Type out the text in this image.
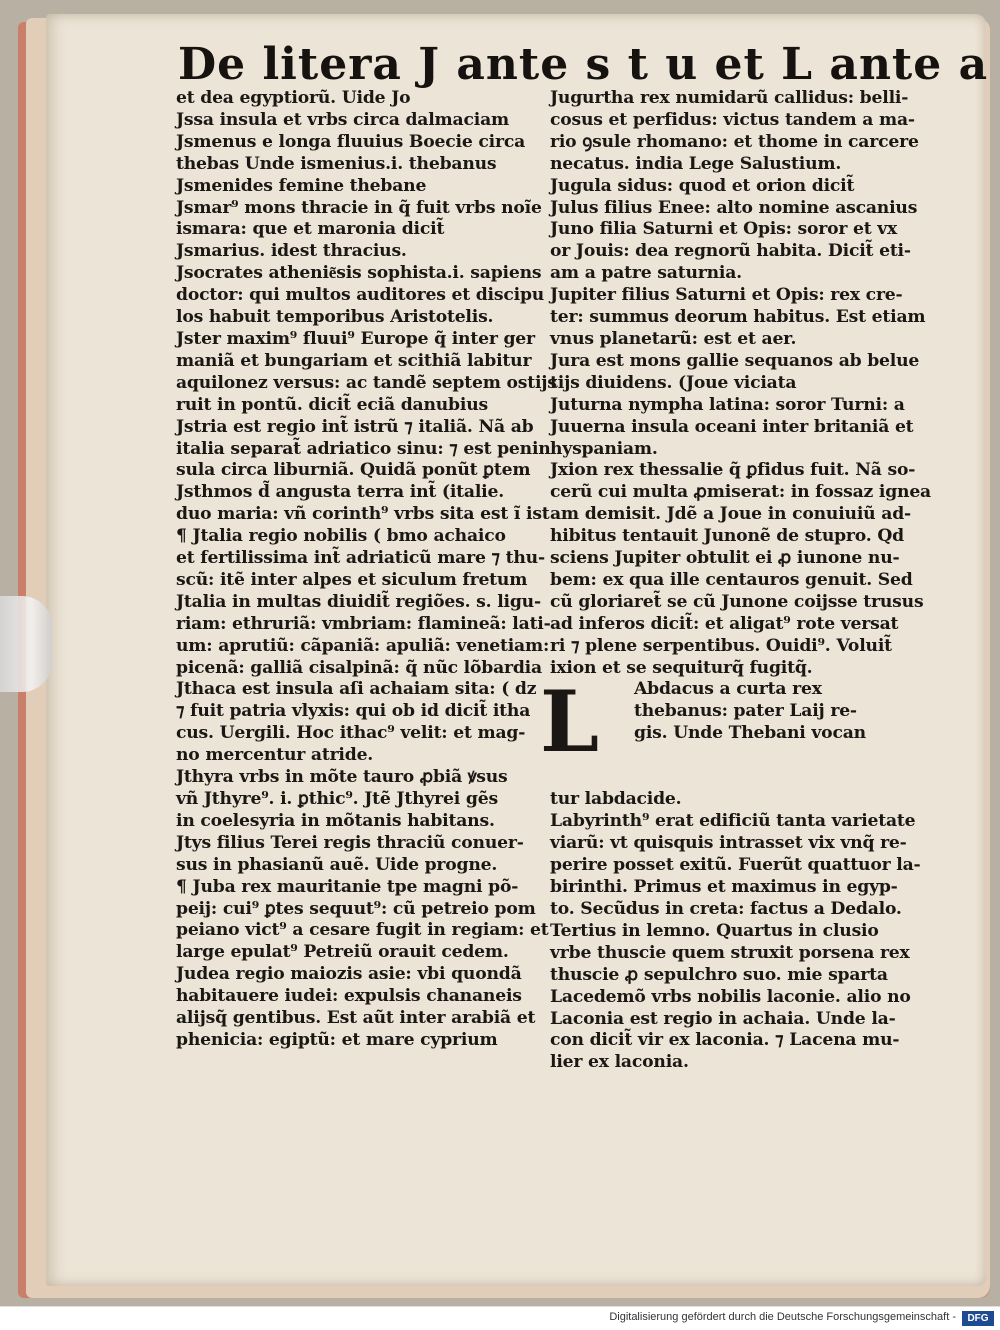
De litera J ante s t u et L ante a
et dea egyptiorũ. Uide Jo
Jssa insula et vrbs circa dalmaciam
Jsmenus e longa fluuius Boecie circa
thebas Unde ismenius.i. thebanus
Jsmenides femine thebane
Jsmar⁹ mons thracie in q̃ fuit vrbs noĩe
ismara: que et maronia dicit̃
Jsmarius. idest thracius.
Jsocrates athenie͂sis sophista.i. sapiens
doctor: qui multos auditores et discipu
los habuit temporibus Aristotelis.
Jster maxim⁹ fluui⁹ Europe q̃ inter ger
maniã et bungariam et scithiã labitur
aquilonez versus: ac tandẽ septem ostijs
ruit in pontũ. dicit̃ eciã danubius
Jstria est regio int̃ istrũ ⁊ italiã. Nã ab
italia separat̃ adriatico sinu: ⁊ est penin
sula circa liburniã. Quidã ponũt ꝑtem
Jsthmos d̃ angusta terra int̃ (italie.
duo maria: vñ corinth⁹ vrbs sita est ĩ ist
¶ Jtalia regio nobilis ( bmo achaico
et fertilissima int̃ adriaticũ mare ⁊ thu-
scũ: itẽ inter alpes et siculum fretum
Jtalia in multas diuidit̃ regiões. s. ligu-
riam: ethruriã: vmbriam: flamineã: lati-
um: aprutiũ: cãpaniã: apuliã: venetiam:
picenã: galliã cisalpinã: q̃ nũc lõbardia
Jthaca est insula aſi achaiam sita: ( dz
⁊ fuit patria vlyxis: qui ob id dicit̃ itha
cus. Uergili. Hoc ithac⁹ velit: et mag-
no mercentur atride.
Jthyra vrbs in mõte tauro ꝓbiã ꝟsus
vñ Jthyre⁹. i. ꝑthic⁹. Jtẽ Jthyrei gẽs
in coelesyria in mõtanis habitans.
Jtys filius Terei regis thraciũ conuer-
sus in phasianũ auẽ. Uide progne.
¶ Juba rex mauritanie tpe magni põ-
peij: cui⁹ ꝑtes sequut⁹: cũ petreio pom
peiano vict⁹ a cesare fugit in regiam: et
large epulat⁹ Petreiũ orauit cedem.
Judea regio maiozis asie: vbi quondã
habitauere iudei: expulsis chananeis
alijsq̃ gentibus. Est aũt inter arabiã et
phenicia: egiptũ: et mare cyprium
Jugurtha rex numidarũ callidus: belli-
cosus et perfidus: victus tandem a ma-
rio ꝯsule rhomano: et thome in carcere
necatus. india Lege Salustium.
Jugula sidus: quod et orion dicit̃
Julus filius Enee: alto nomine ascanius
Juno filia Saturni et Opis: soror et vx
or Jouis: dea regnorũ habita. Dicit̃ eti-
am a patre saturnia.
Jupiter filius Saturni et Opis: rex cre-
ter: summus deorum habitus. Est etiam
vnus planetarũ: est et aer.
Jura est mons gallie sequanos ab belue
tijs diuidens. (Joue viciata
Juturna nympha latina: soror Turni: a
Juuerna insula oceani inter britaniã et
hyspaniam.
Jxion rex thessalie q̃ ꝑfidus fuit. Nã so-
cerũ cui multa ꝓmiserat: in fossaz ignea
am demisit. Jdẽ a Joue in conuiuiũ ad-
hibitus tentauit Junonẽ de stupro. Qd
sciens Jupiter obtulit ei ꝓ iunone nu-
bem: ex qua ille centauros genuit. Sed
cũ gloriaret̃ se cũ Junone coijsse trusus
ad inferos dicit̃: et aligat⁹ rote versat
ri ⁊ plene serpentibus. Ouidi⁹. Voluit̃
ixion et se sequiturq̃ fugitq̃.
L	Abdacus a curta rex
thebanus: pater Laij re-
gis. Unde Thebani vocan
tur labdacide.
Labyrinth⁹ erat edificiũ tanta varietate
viarũ: vt quisquis intrasset vix vnq̃ re-
perire posset exitũ. Fuerũt quattuor la-
birinthi. Primus et maximus in egyp-
to. Secũdus in creta: factus a Dedalo.
Tertius in lemno. Quartus in clusio
vrbe thuscie quem struxit porsena rex
thuscie ꝓ sepulchro suo. mie sparta
Lacedemõ vrbs nobilis laconie. alio no
Laconia est regio in achaia. Unde la-
con dicit̃ vir ex laconia. ⁊ Lacena mu-
lier ex laconia.
Digitalisierung gefördert durch die Deutsche Forschungsgemeinschaft -	DFG
